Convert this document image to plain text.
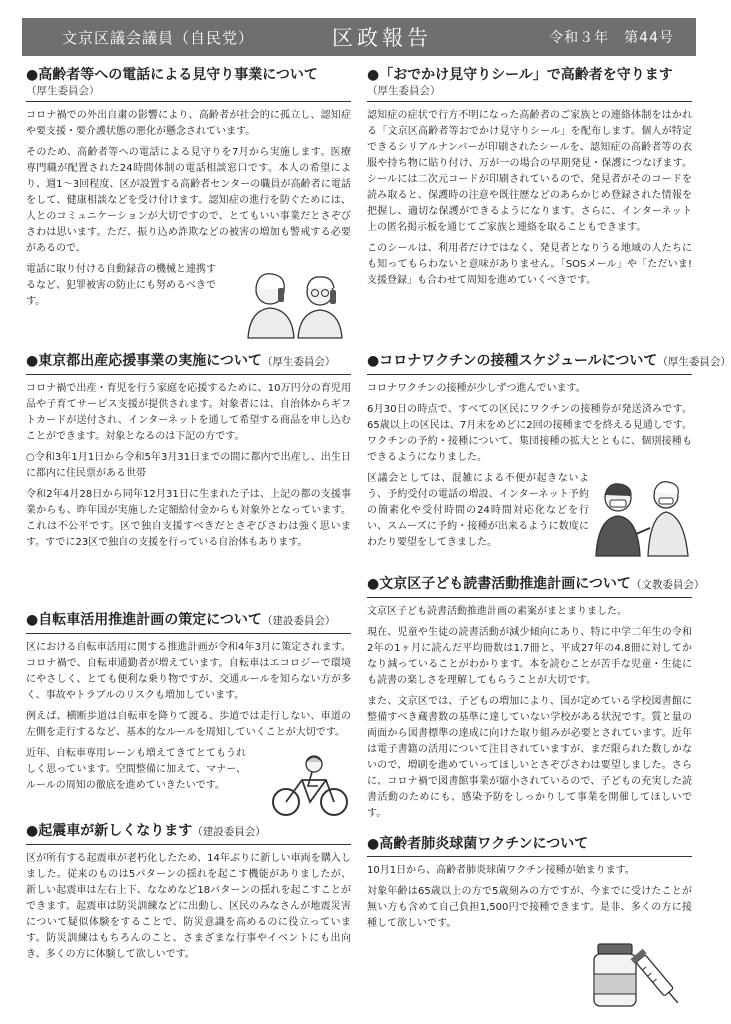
文京区議会議員（自民党）	区政報告	令和３年　第44号
●高齢者等への電話による見守り事業について
（厚生委員会）

コロナ禍での外出自粛の影響により、高齢者が社会的に孤立し、認知症や要支援・要介護状態の悪化が懸念されています。

そのため、高齢者等への電話による見守りを7月から実施します。医療専門職が配置された24時間体制の電話相談窓口です。本人の希望により、週1～3回程度、区が設置する高齢者センターの職員が高齢者に電話をして、健康相談などを受け付けます。認知症の進行を防ぐためには、人とのコミュニケーションが大切ですので、とてもいい事業だとさぞびさわは思います。ただ、振り込め詐欺などの被害の増加も警戒する必要があるので、

電話に取り付ける自動録音の機械と連携するなど、犯罪被害の防止にも努めるべきです。

●東京都出産応援事業の実施について（厚生委員会）

コロナ禍で出産・育児を行う家庭を応援するために、10万円分の育児用品や子育てサービス支援が提供されます。対象者には、自治体からギフトカードが送付され、インターネットを通して希望する商品を申し込むことができます。対象となるのは下記の方です。

○令和3年1月1日から令和5年3月31日までの間に都内で出産し、出生日に都内に住民票がある世帯

令和2年4月28日から同年12月31日に生まれた子は、上記の都の支援事業からも、昨年国が実施した定額給付金からも対象外となっています。これは不公平です。区で独自支援すべきだとさぞびさわは強く思います。すでに23区で独自の支援を行っている自治体もあります。

●自転車活用推進計画の策定について（建設委員会）

区における自転車活用に関する推進計画が令和4年3月に策定されます。コロナ禍で、自転車通勤者が増えています。自転車はエコロジーで環境にやさしく、とても便利な乗り物ですが、交通ルールを知らない方が多く、事故やトラブルのリスクも増加しています。

例えば、横断歩道は自転車を降りて渡る、歩道では走行しない、車道の左側を走行するなど、基本的なルールを周知していくことが大切です。

近年、自転車専用レーンも増えてきてとてもうれしく思っています。空間整備に加えて、マナー、ルールの周知の徹底を進めていきたいです。

●起震車が新しくなります（建設委員会）

区が所有する起震車が老朽化したため、14年ぶりに新しい車両を購入しました。従来のものは5パターンの揺れを起こす機能がありましたが、新しい起震車は左右上下、ななめなど18パターンの揺れを起こすことができます。起震車は防災訓練などに出動し、区民のみなさんが地震災害について疑似体験をすることで、防災意識を高めるのに役立っています。防災訓練はもちろんのこと、さまざまな行事やイベントにも出向き、多くの方に体験して欲しいです。

●「おでかけ見守りシール」で高齢者を守ります
（厚生委員会）

認知症の症状で行方不明になった高齢者のご家族との連絡体制をはかれる「文京区高齢者等おでかけ見守りシール」を配布します。個人が特定できるシリアルナンバーが印刷されたシールを、認知症の高齢者等の衣服や持ち物に貼り付け、万が一の場合の早期発見・保護につなげます。シールには二次元コードが印刷されているので、発見者がそのコードを読み取ると、保護時の注意や既往歴などのあらかじめ登録された情報を把握し、適切な保護ができるようになります。さらに、インターネット上の匿名掲示板を通じてご家族と連絡を取ることもできます。

このシールは、利用者だけではなく、発見者となりうる地域の人たちにも知ってもらわないと意味がありません。「SOSメール」や「ただいま!支援登録」も合わせて周知を進めていくべきです。

●コロナワクチンの接種スケジュールについて（厚生委員会）

コロナワクチンの接種が少しずつ進んでいます。

6月30日の時点で、すべての区民にワクチンの接種券が発送済みです。65歳以上の区民は、7月末をめどに2回の接種までを終える見通しです。ワクチンの予約・接種について、集団接種の拡大とともに、個別接種もできるようになりました。

区議会としては、混雑による不便が起きないよう、予約受付の電話の増設、インターネット予約の簡素化や受付時間の24時間対応化などを行い、スムーズに予約・接種が出来るように数度にわたり要望をしてきました。

●文京区子ども読書活動推進計画について（文教委員会）

文京区子ども読書活動推進計画の素案がまとまりました。

現在、児童や生徒の読書活動が減少傾向にあり、特に中学二年生の令和2年の1ヶ月に読んだ平均冊数は1.7冊と、平成27年の4.8冊に対してかなり減っていることがわかります。本を読むことが苦手な児童・生徒にも読書の楽しさを理解してもらうことが大切です。

また、文京区では、子どもの増加により、国が定めている学校図書館に整備すべき蔵書数の基準に達していない学校がある状況です。質と量の両面から図書標準の達成に向けた取り組みが必要とされています。近年は電子書籍の活用について注目されていますが、まだ限られた数しかないので、増刷を進めていってほしいとさぞびさわは要望しました。さらに、コロナ禍で図書館事業が縮小されているので、子どもの充実した読書活動のためにも、感染予防をしっかりして事業を開催してほしいです。

●高齢者肺炎球菌ワクチンについて

10月1日から、高齢者肺炎球菌ワクチン接種が始まります。

対象年齢は65歳以上の方で5歳刻みの方ですが、今までに受けたことが無い方も含めて自己負担1,500円で接種できます。是非、多くの方に接種して欲しいです。
